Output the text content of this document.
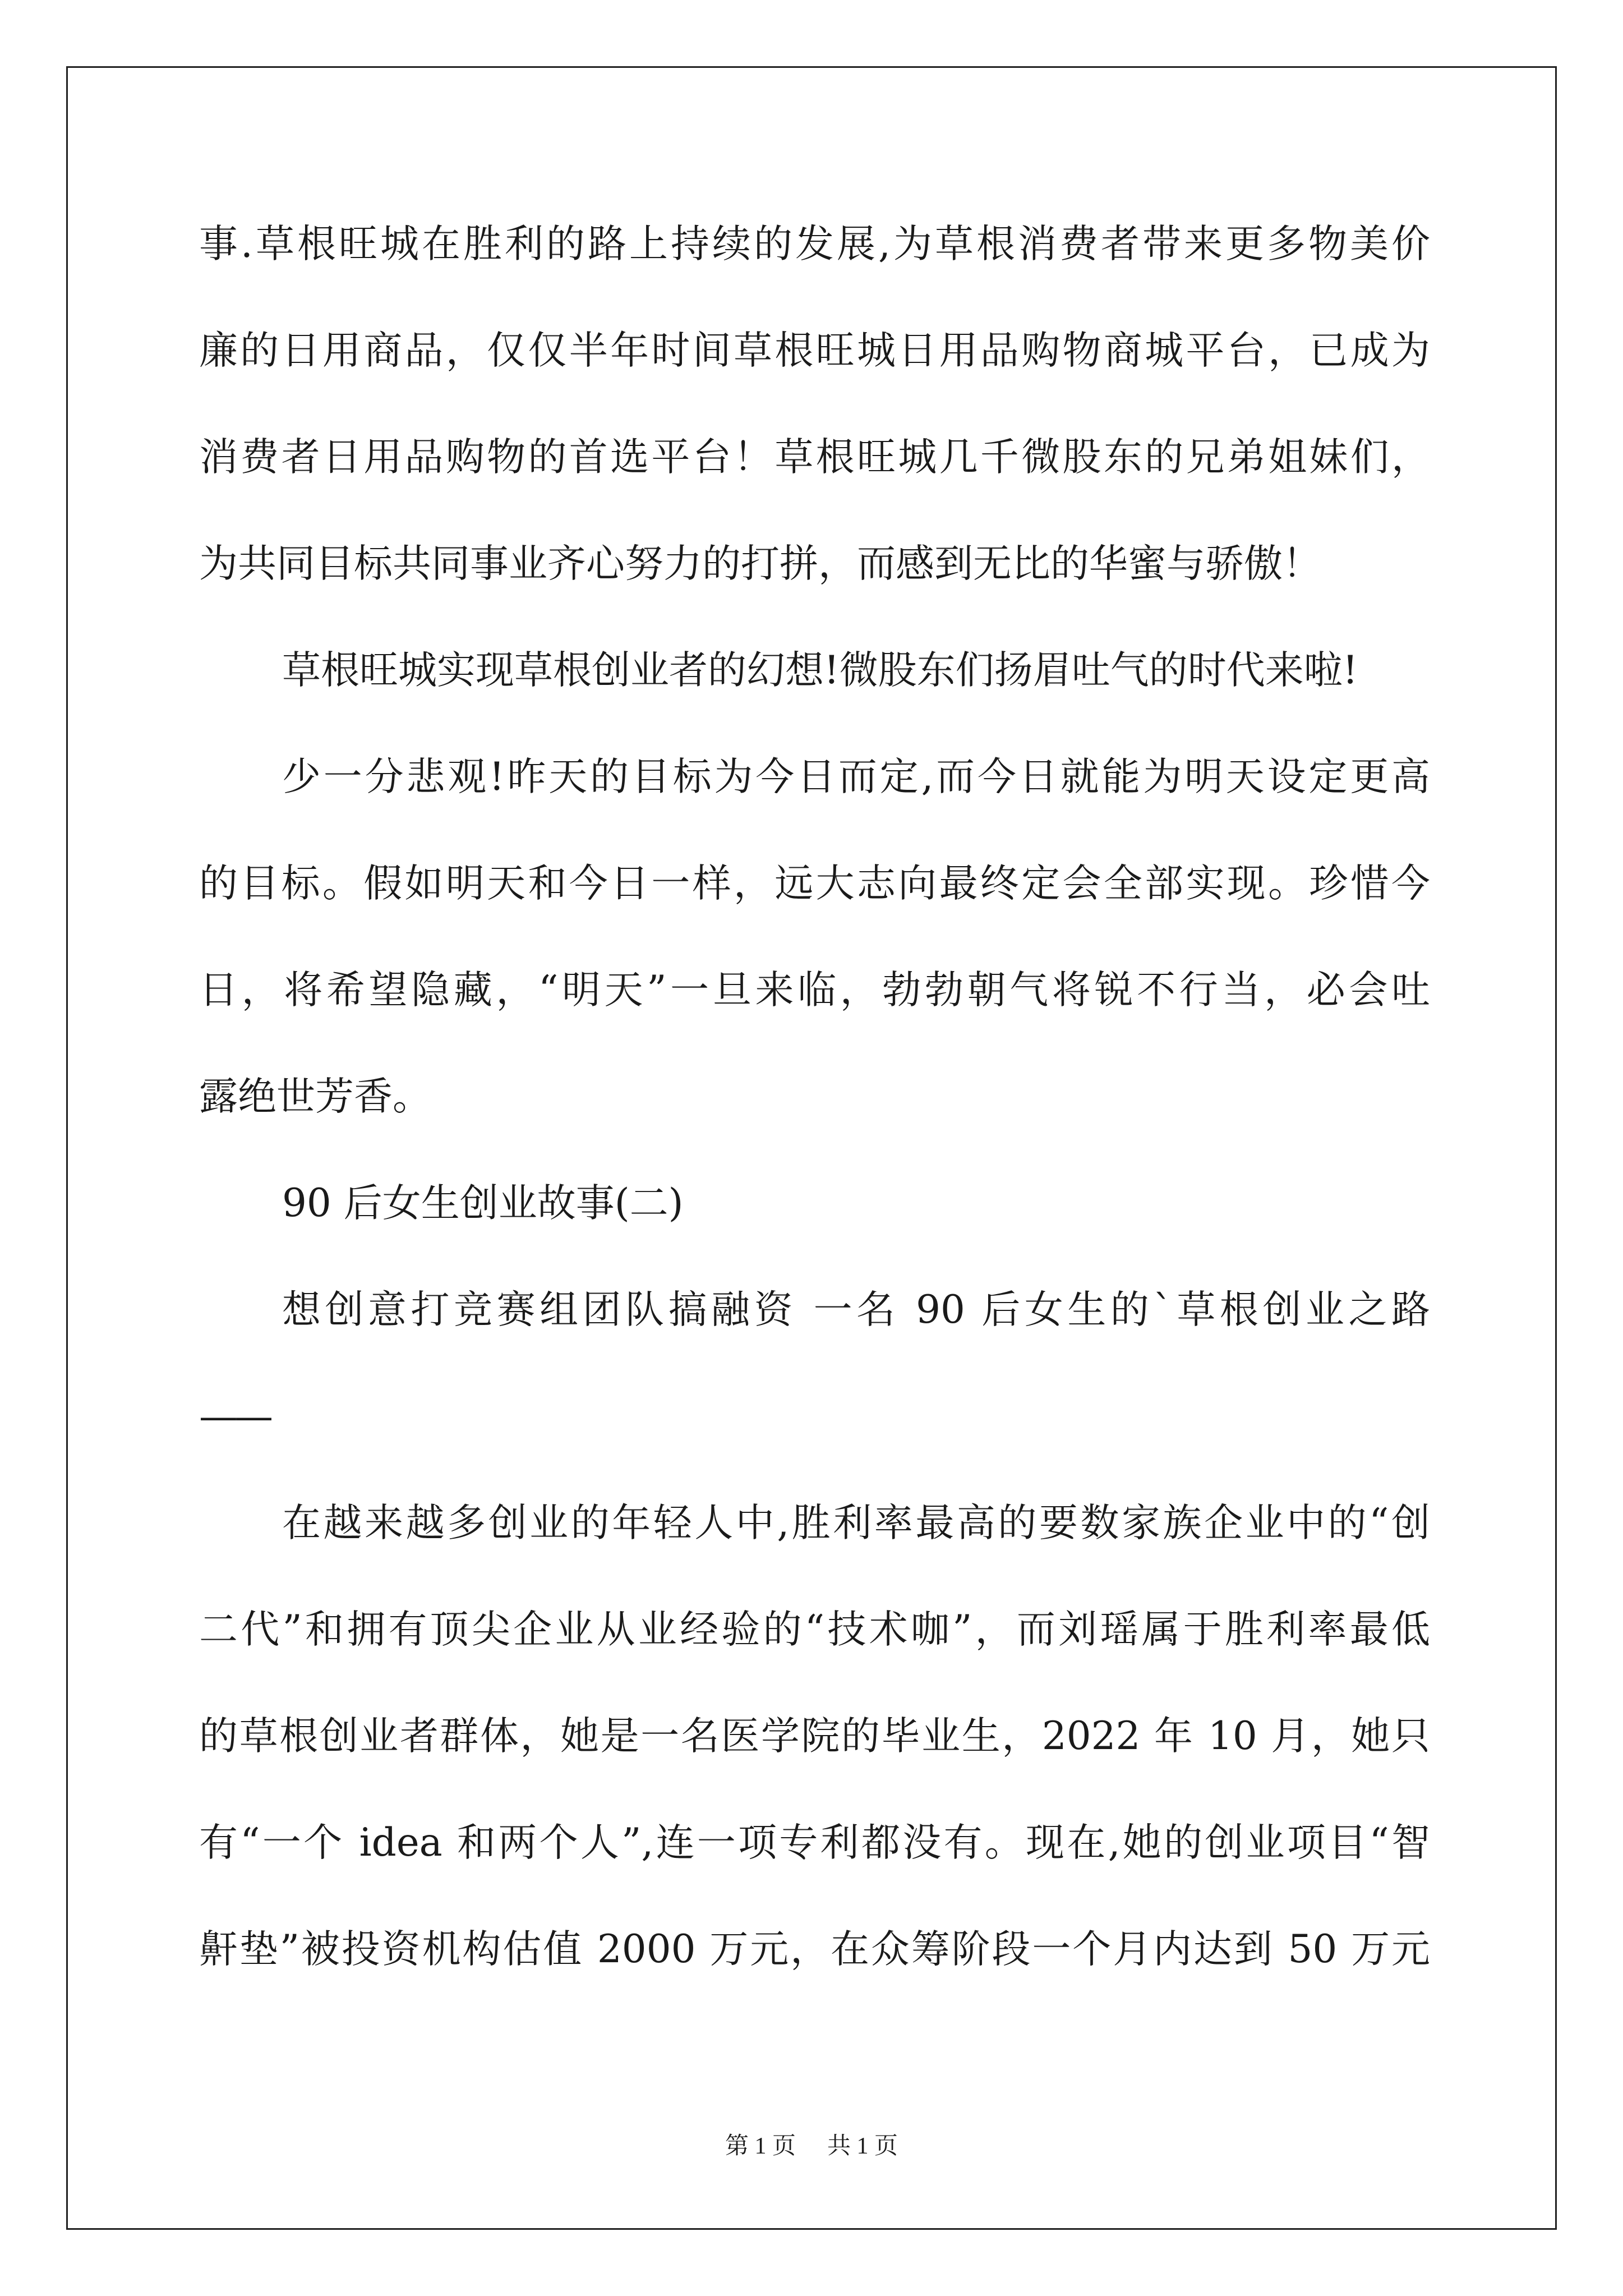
事.草根旺城在胜利的路上持续的发展,为草根消费者带来更多物美价
廉的日用商品，仅仅半年时间草根旺城日用品购物商城平台，已成为
消费者日用品购物的首选平台！草根旺城几千微股东的兄弟姐妹们，
为共同目标共同事业齐心努力的打拼，而感到无比的华蜜与骄傲！
草根旺城实现草根创业者的幻想!微股东们扬眉吐气的时代来啦!
少一分悲观!昨天的目标为今日而定,而今日就能为明天设定更高
的目标。假如明天和今日一样，远大志向最终定会全部实现。珍惜今
日，将希望隐藏，“明天”一旦来临，勃勃朝气将锐不行当，必会吐
露绝世芳香。
90 后女生创业故事(二)
想创意打竞赛组团队搞融资 一名 90 后女生的`草根创业之路
——
在越来越多创业的年轻人中,胜利率最高的要数家族企业中的“创
二代”和拥有顶尖企业从业经验的“技术咖”，而刘瑶属于胜利率最低
的草根创业者群体，她是一名医学院的毕业生，2022 年 10 月，她只
有“一个 idea 和两个人”,连一项专利都没有。现在,她的创业项目“智
鼾垫”被投资机构估值 2000 万元，在众筹阶段一个月内达到 50 万元
第 1 页 共 1 页
